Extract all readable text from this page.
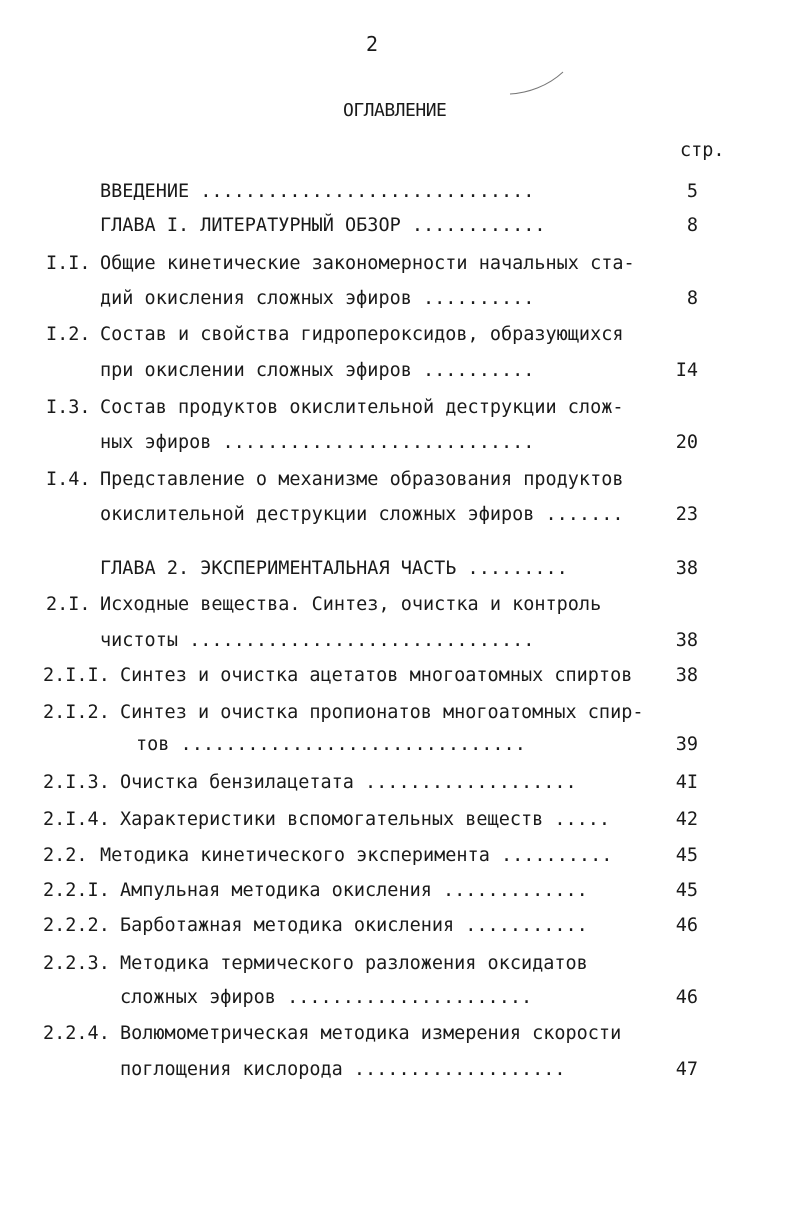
2
ОГЛАВЛЕНИЕ
стр.
ВВЕДЕНИЕ ..............................	5
ГЛАВА I. ЛИТЕРАТУРНЫЙ ОБЗОР ............	8
I.I. Общие кинетические закономерности начальных ста-
дий окисления сложных эфиров ..........	8
I.2. Состав и свойства гидропероксидов, образующихся
при окислении сложных эфиров ..........	I4
I.3. Состав продуктов окислительной деструкции слож-
ных эфиров ............................	20
I.4. Представление о механизме образования продуктов
окислительной деструкции сложных эфиров .......	23
ГЛАВА 2. ЭКСПЕРИМЕНТАЛЬНАЯ ЧАСТЬ .........	38
2.I. Исходные вещества. Синтез, очистка и контроль
чистоты ...............................	38
2.I.I. Синтез и очистка ацетатов многоатомных спиртов	38
2.I.2. Синтез и очистка пропионатов многоатомных спир-
тов ...............................	39
2.I.3. Очистка бензилацетата ...................	4I
2.I.4. Характеристики вспомогательных веществ .....	42
2.2. Методика кинетического эксперимента ..........	45
2.2.I. Ампульная методика окисления .............	45
2.2.2. Барботажная методика окисления ...........	46
2.2.3. Методика термического разложения оксидатов
сложных эфиров ......................	46
2.2.4. Волюмометрическая методика измерения скорости
поглощения кислорода ...................	47
